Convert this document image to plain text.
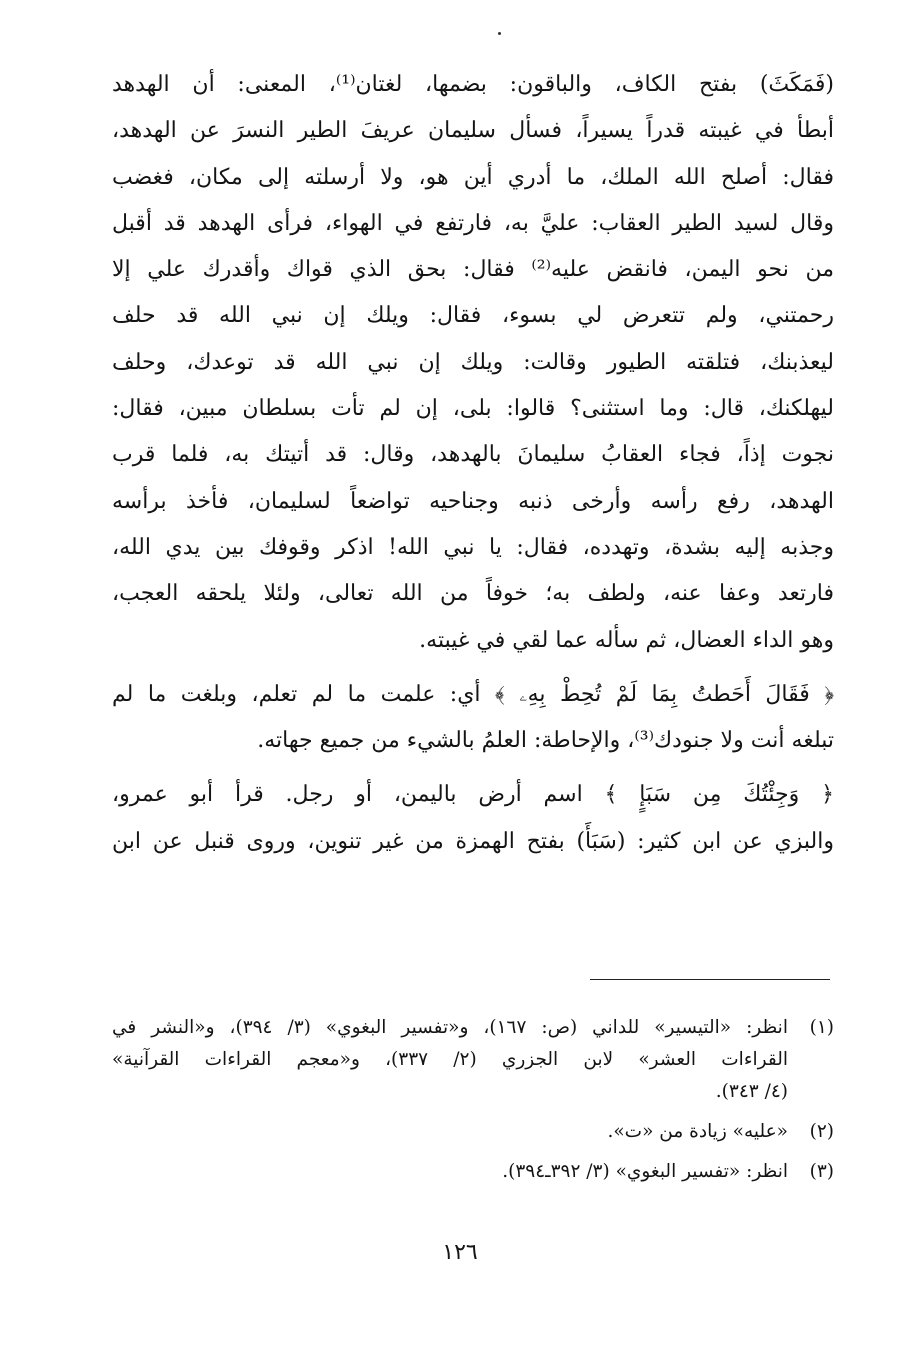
(فَمَكَثَ) بفتح الكاف، والباقون: بضمها، لغتان⁽¹⁾، المعنى: أن الهدهد
أبطأ في غيبته قدراً يسيراً، فسأل سليمان عريفَ الطير النسرَ عن الهدهد،
فقال: أصلح الله الملك، ما أدري أين هو، ولا أرسلته إلى مكان، فغضب
وقال لسيد الطير العقاب: عليَّ به، فارتفع في الهواء، فرأى الهدهد قد أقبل
من نحو اليمن، فانقض عليه⁽²⁾ فقال: بحق الذي قواك وأقدرك علي إلا
رحمتني، ولم تتعرض لي بسوء، فقال: ويلك إن نبي الله قد حلف
ليعذبنك، فتلقته الطيور وقالت: ويلك إن نبي الله قد توعدك، وحلف
ليهلكنك، قال: وما استثنى؟ قالوا: بلى، إن لم تأت بسلطان مبين، فقال:
نجوت إذاً، فجاء العقابُ سليمانَ بالهدهد، وقال: قد أتيتك به، فلما قرب
الهدهد، رفع رأسه وأرخى ذنبه وجناحيه تواضعاً لسليمان، فأخذ برأسه
وجذبه إليه بشدة، وتهدده، فقال: يا نبي الله! اذكر وقوفك بين يدي الله،
فارتعد وعفا عنه، ولطف به؛ خوفاً من الله تعالى، ولئلا يلحقه العجب،
وهو الداء العضال، ثم سأله عما لقي في غيبته.
﴿ فَقَالَ أَحَطتُ بِمَا لَمْ تُحِطْ بِهِۦ ﴾ أي: علمت ما لم تعلم، وبلغت ما لم
تبلغه أنت ولا جنودك⁽³⁾، والإحاطة: العلمُ بالشيء من جميع جهاته.
﴿ وَجِئْتُكَ مِن سَبَإٍ ﴾ اسم أرض باليمن، أو رجل. قرأ أبو عمرو،
والبزي عن ابن كثير: (سَبَأَ) بفتح الهمزة من غير تنوين، وروى قنبل عن ابن
(١)
انظر: «التيسير» للداني (ص: ١٦٧)، و«تفسير البغوي» (٣/ ٣٩٤)، و«النشر في
القراءات العشر» لابن الجزري (٢/ ٣٣٧)، و«معجم القراءات القرآنية»
(٤/ ٣٤٣).
(٢)
«عليه» زيادة من «ت».
(٣)
انظر: «تفسير البغوي» (٣/ ٣٩٢ـ٣٩٤).
١٢٦
